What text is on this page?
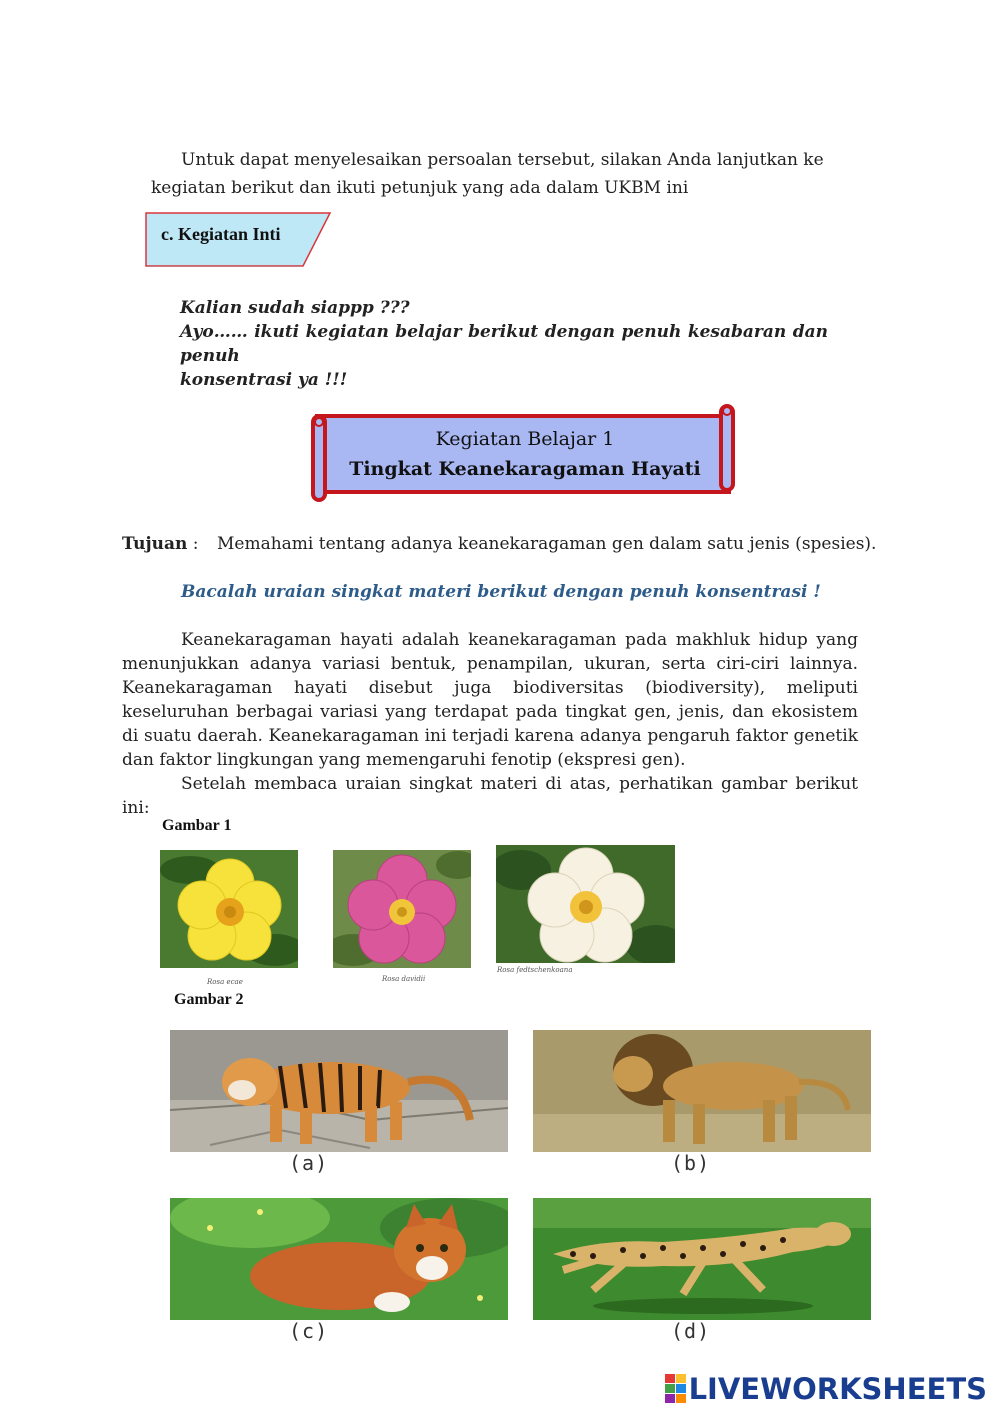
Untuk dapat menyelesaikan persoalan tersebut, silakan Anda lanjutkan ke
kegiatan berikut dan ikuti petunjuk yang ada dalam UKBM ini
c. Kegiatan Inti
Kalian sudah siappp ???
Ayo…… ikuti kegiatan belajar berikut dengan penuh kesabaran dan
penuh
konsentrasi ya !!!
Kegiatan Belajar 1
Tingkat Keanekaragaman Hayati
Tujuan : Memahami tentang adanya keanekaragaman gen dalam satu jenis (spesies).
Bacalah uraian singkat materi berikut dengan penuh konsentrasi !

Keanekaragaman hayati adalah keanekaragaman pada makhluk hidup yang menunjukkan adanya variasi bentuk, penampilan, ukuran, serta ciri-ciri lainnya. Keanekaragaman hayati disebut juga biodiversitas (biodiversity), meliputi keseluruhan berbagai variasi yang terdapat pada tingkat gen, jenis, dan ekosistem di suatu daerah. Keanekaragaman ini terjadi karena adanya pengaruh faktor genetik dan faktor lingkungan yang memengaruhi fenotip (ekspresi gen).

Setelah membaca uraian singkat materi di atas, perhatikan gambar berikut ini:

Gambar 1
Rosa ecae	Rosa davidii
Rosa fedtschenkoana
Gambar 2
(a)	(b)
(c)	(d)
LIVEWORKSHEETS
